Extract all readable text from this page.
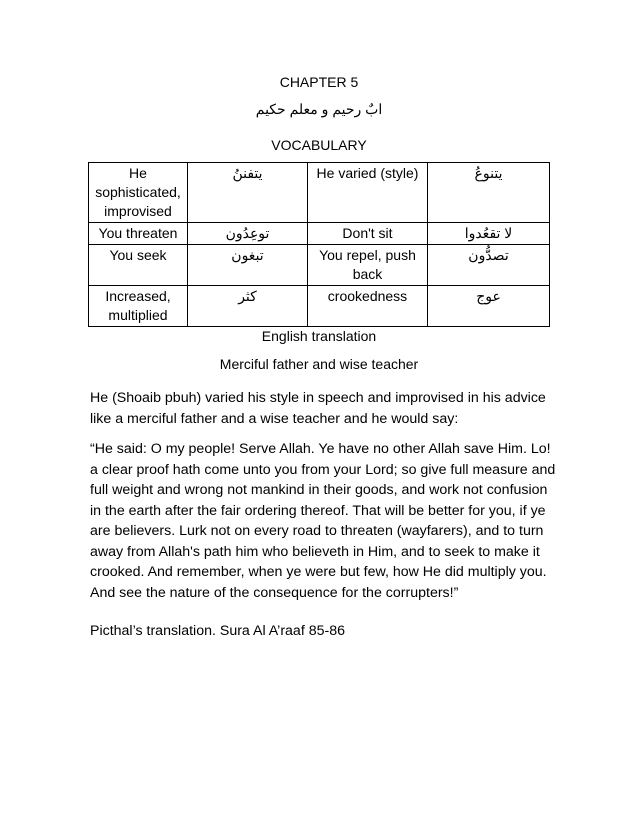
CHAPTER 5
ابٌ رحيم و معلم حكيم
VOCABULARY
He sophisticated, improvised	يتفننُ	He varied (style)	يتنوعُ
You threaten	توعِدُون	Don't sit	لا تقعُدوا
You seek	تبغون	You repel, push back	تصدُّون
Increased, multiplied	كثر	crookedness	عوج
English translation
Merciful father and wise teacher

He (Shoaib pbuh) varied his style in speech and improvised in his advice like a merciful father and a wise teacher and he would say:

“He said: O my people! Serve Allah. Ye have no other Allah save Him. Lo! a clear proof hath come unto you from your Lord; so give full measure and full weight and wrong not mankind in their goods, and work not confusion in the earth after the fair ordering thereof. That will be better for you, if ye are believers. Lurk not on every road to threaten (wayfarers), and to turn away from Allah's path him who believeth in Him, and to seek to make it crooked. And remember, when ye were but few, how He did multiply you. And see the nature of the consequence for the corrupters!”

Picthal’s translation. Sura Al A’raaf 85-86
